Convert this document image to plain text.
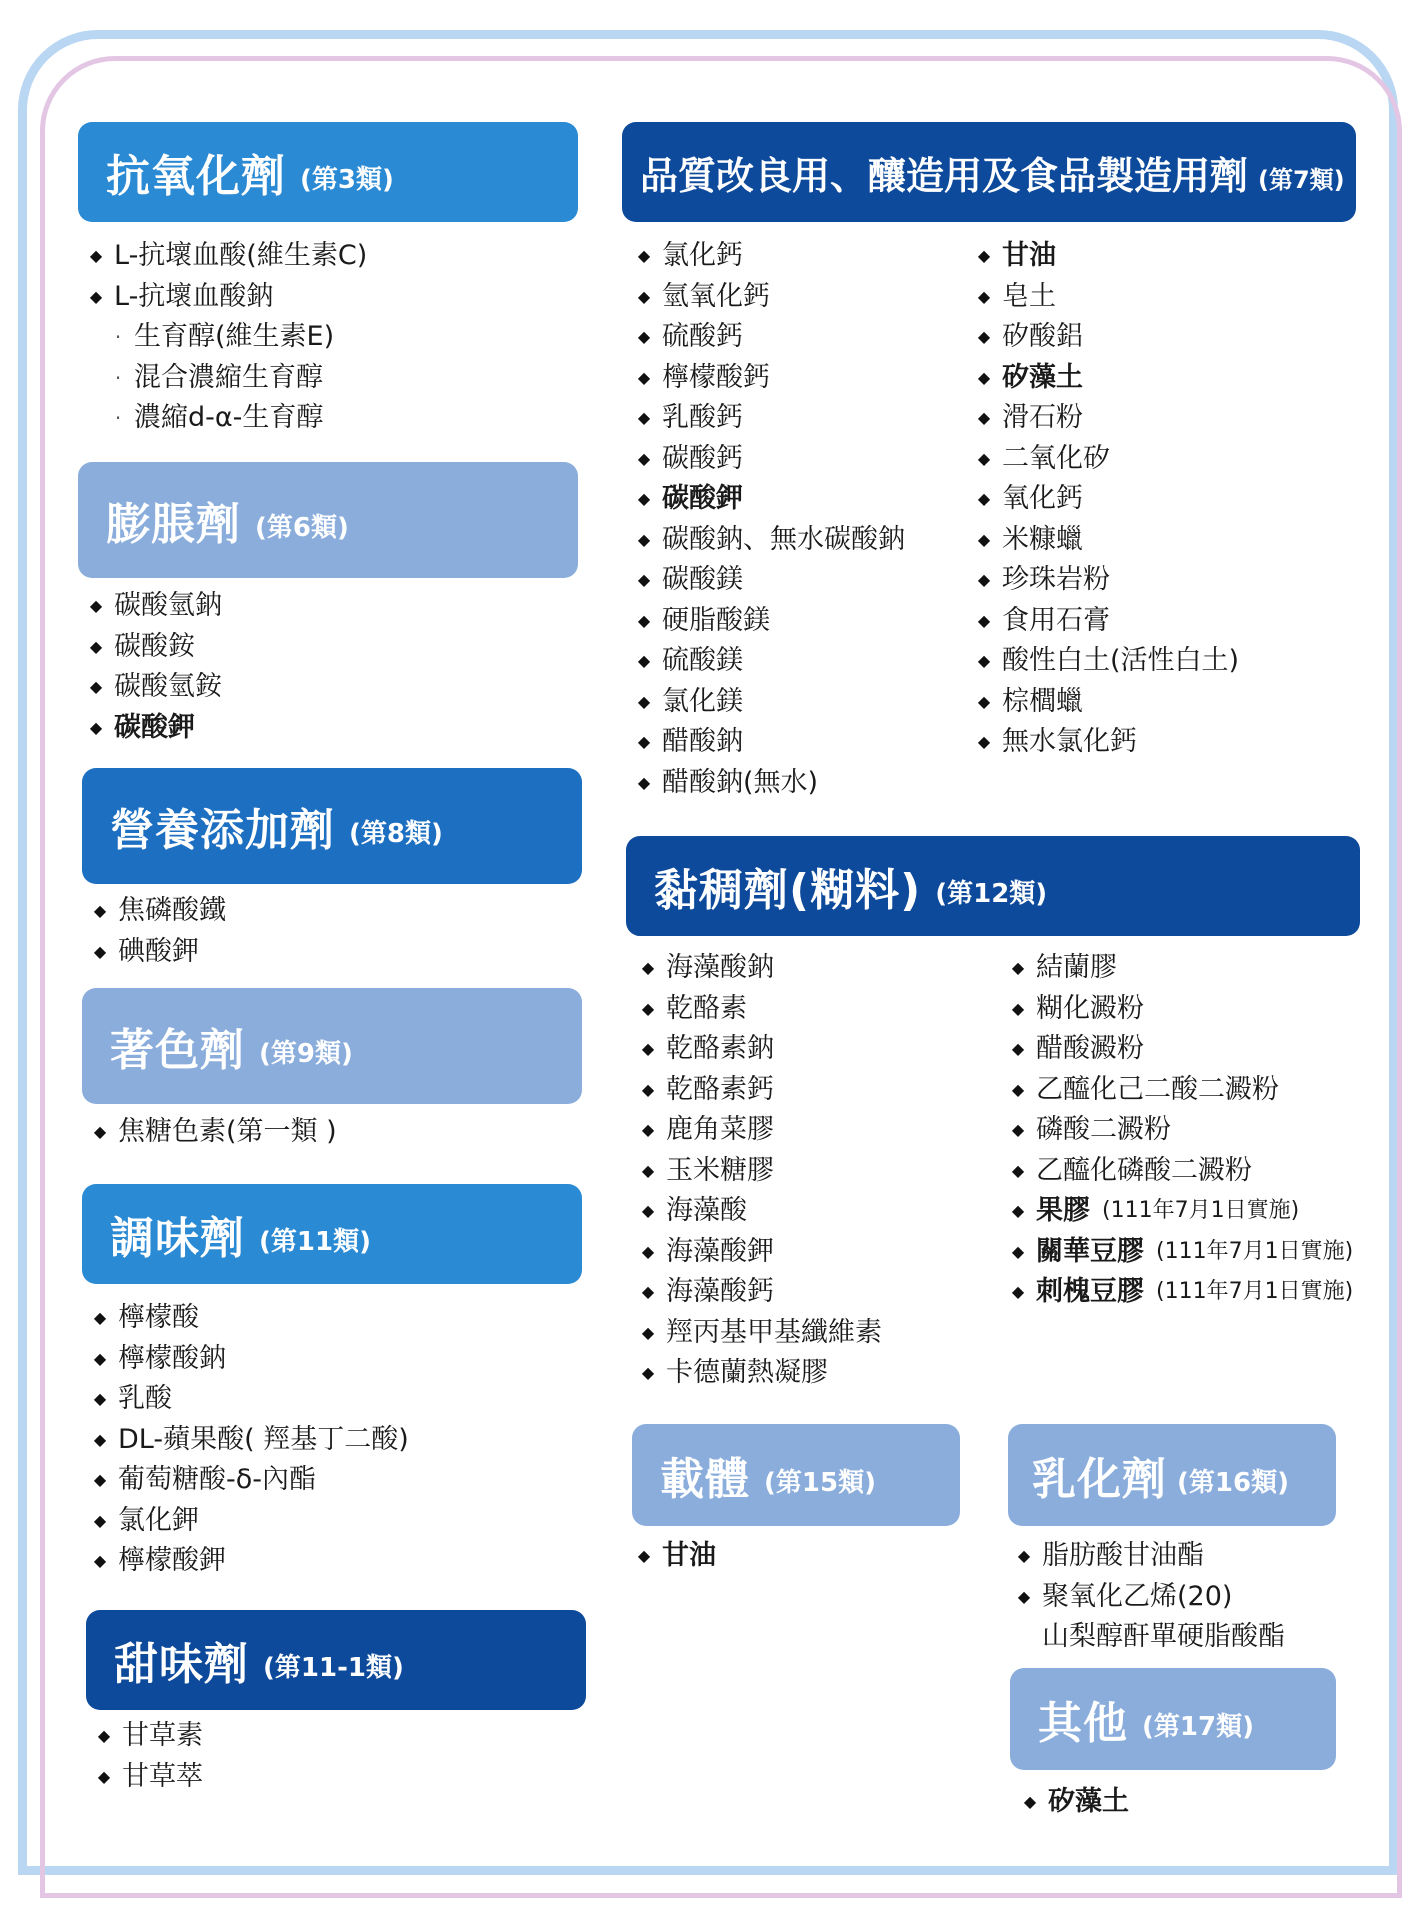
抗氧化劑 (第3類)
◆ L-抗壞血酸(維生素C)
◆ L-抗壞血酸鈉
· 生育醇(維生素E)
· 混合濃縮生育醇
· 濃縮d-α-生育醇
膨脹劑 (第6類)
◆ 碳酸氫鈉
◆ 碳酸銨
◆ 碳酸氫銨
◆ 碳酸鉀
營養添加劑 (第8類)
◆ 焦磷酸鐵
◆ 碘酸鉀
著色劑 (第9類)
◆ 焦糖色素(第一類 )
調味劑 (第11類)
◆ 檸檬酸
◆ 檸檬酸鈉
◆ 乳酸
◆ DL-蘋果酸( 羥基丁二酸)
◆ 葡萄糖酸-δ-內酯
◆ 氯化鉀
◆ 檸檬酸鉀
甜味劑 (第11-1類)
◆ 甘草素
◆ 甘草萃
品質改良用、釀造用及食品製造用劑 (第7類)
◆ 氯化鈣
◆ 氫氧化鈣
◆ 硫酸鈣
◆ 檸檬酸鈣
◆ 乳酸鈣
◆ 碳酸鈣
◆ 碳酸鉀
◆ 碳酸鈉、無水碳酸鈉
◆ 碳酸鎂
◆ 硬脂酸鎂
◆ 硫酸鎂
◆ 氯化鎂
◆ 醋酸鈉
◆ 醋酸鈉(無水)
◆ 甘油
◆ 皂土
◆ 矽酸鋁
◆ 矽藻土
◆ 滑石粉
◆ 二氧化矽
◆ 氧化鈣
◆ 米糠蠟
◆ 珍珠岩粉
◆ 食用石膏
◆ 酸性白土(活性白土)
◆ 棕櫚蠟
◆ 無水氯化鈣
黏稠劑(糊料) (第12類)
◆ 海藻酸鈉
◆ 乾酪素
◆ 乾酪素鈉
◆ 乾酪素鈣
◆ 鹿角菜膠
◆ 玉米糖膠
◆ 海藻酸
◆ 海藻酸鉀
◆ 海藻酸鈣
◆ 羥丙基甲基纖維素
◆ 卡德蘭熱凝膠
◆ 結蘭膠
◆ 糊化澱粉
◆ 醋酸澱粉
◆ 乙醯化己二酸二澱粉
◆ 磷酸二澱粉
◆ 乙醯化磷酸二澱粉
◆ 果膠 (111年7月1日實施)
◆ 關華豆膠 (111年7月1日實施)
◆ 刺槐豆膠 (111年7月1日實施)
載體 (第15類)
◆ 甘油
乳化劑 (第16類)
◆ 脂肪酸甘油酯
◆ 聚氧化乙烯(20)
山梨醇酐單硬脂酸酯
其他 (第17類)
◆ 矽藻土
